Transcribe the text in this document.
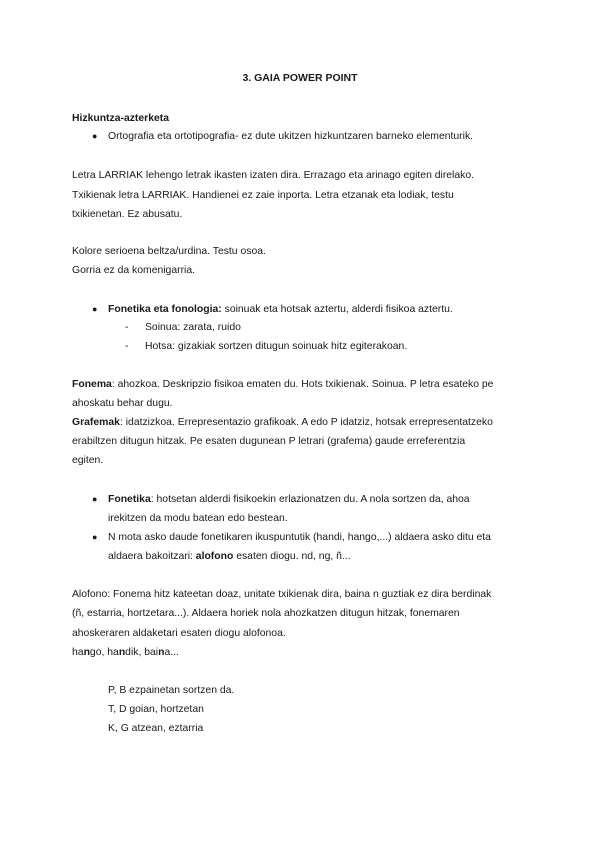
3. GAIA POWER POINT
Hizkuntza-azterketa
● Ortografia eta ortotipografia- ez dute ukitzen hizkuntzaren barneko elementurik.
Letra LARRIAK lehengo letrak ikasten izaten dira. Errazago eta arinago egiten direlako.
Txikienak letra LARRIAK. Handienei ez zaie inporta. Letra etzanak eta lodiak, testu
txikienetan. Ez abusatu.
Kolore serioena beltza/urdina. Testu osoa.
Gorria ez da komenigarria.
● Fonetika eta fonologia: soinuak eta hotsak aztertu, alderdi fisikoa aztertu.
- Soinua: zarata, ruido
- Hotsa: gizakiak sortzen ditugun soinuak hitz egiterakoan.
Fonema: ahozkoa. Deskripzio fisikoa ematen du. Hots txikienak. Soinua. P letra esateko pe
ahoskatu behar dugu.
Grafemak: idatzizkoa. Errepresentazio grafikoak. A edo P idatziz, hotsak errepresentatzeko
erabiltzen ditugun hitzak. Pe esaten dugunean P letrari (grafema) gaude erreferentzia
egiten.
● Fonetika: hotsetan alderdi fisikoekin erlazionatzen du. A nola sortzen da, ahoa
irekitzen da modu batean edo bestean.
● N mota asko daude fonetikaren ikuspuntutik (handi, hango,...) aldaera asko ditu eta
aldaera bakoitzari: alofono esaten diogu. nd, ng, ñ...
Alofono: Fonema hitz kateetan doaz, unitate txikienak dira, baina n guztiak ez dira berdinak
(ñ, estarria, hortzetara...). Aldaera horiek nola ahozkatzen ditugun hitzak, fonemaren
ahoskeraren aldaketari esaten diogu alofonoa.
hango, handik, baina...
P, B ezpainetan sortzen da.
T, D goian, hortzetan
K, G atzean, eztarria
